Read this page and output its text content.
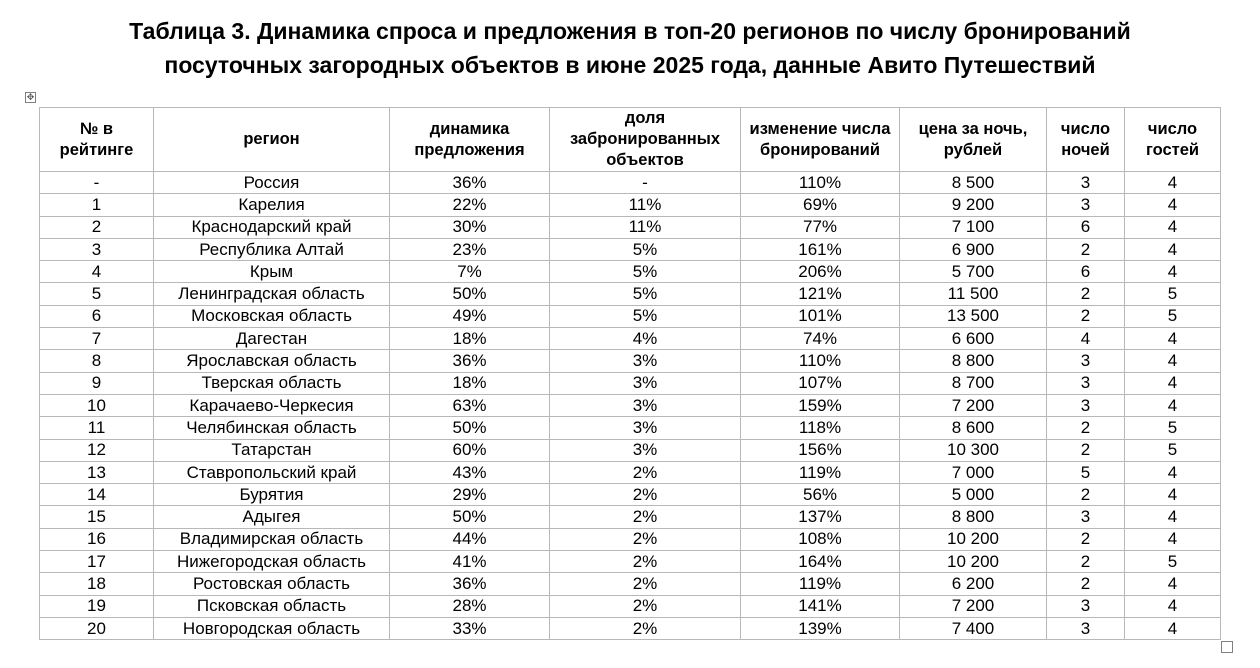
Таблица 3. Динамика спроса и предложения в топ-20 регионов по числу бронирований
посуточных загородных объектов в июне 2025 года, данные Авито Путешествий
✥
№ в рейтинге	регион	динамика предложения	доля забронированных объектов	изменение числа бронирований	цена за ночь, рублей	число ночей	число гостей
-	Россия	36%	-	110%	8 500	3	4
1	Карелия	22%	11%	69%	9 200	3	4
2	Краснодарский край	30%	11%	77%	7 100	6	4
3	Республика Алтай	23%	5%	161%	6 900	2	4
4	Крым	7%	5%	206%	5 700	6	4
5	Ленинградская область	50%	5%	121%	11 500	2	5
6	Московская область	49%	5%	101%	13 500	2	5
7	Дагестан	18%	4%	74%	6 600	4	4
8	Ярославская область	36%	3%	110%	8 800	3	4
9	Тверская область	18%	3%	107%	8 700	3	4
10	Карачаево-Черкесия	63%	3%	159%	7 200	3	4
11	Челябинская область	50%	3%	118%	8 600	2	5
12	Татарстан	60%	3%	156%	10 300	2	5
13	Ставропольский край	43%	2%	119%	7 000	5	4
14	Бурятия	29%	2%	56%	5 000	2	4
15	Адыгея	50%	2%	137%	8 800	3	4
16	Владимирская область	44%	2%	108%	10 200	2	4
17	Нижегородская область	41%	2%	164%	10 200	2	5
18	Ростовская область	36%	2%	119%	6 200	2	4
19	Псковская область	28%	2%	141%	7 200	3	4
20	Новгородская область	33%	2%	139%	7 400	3	4
